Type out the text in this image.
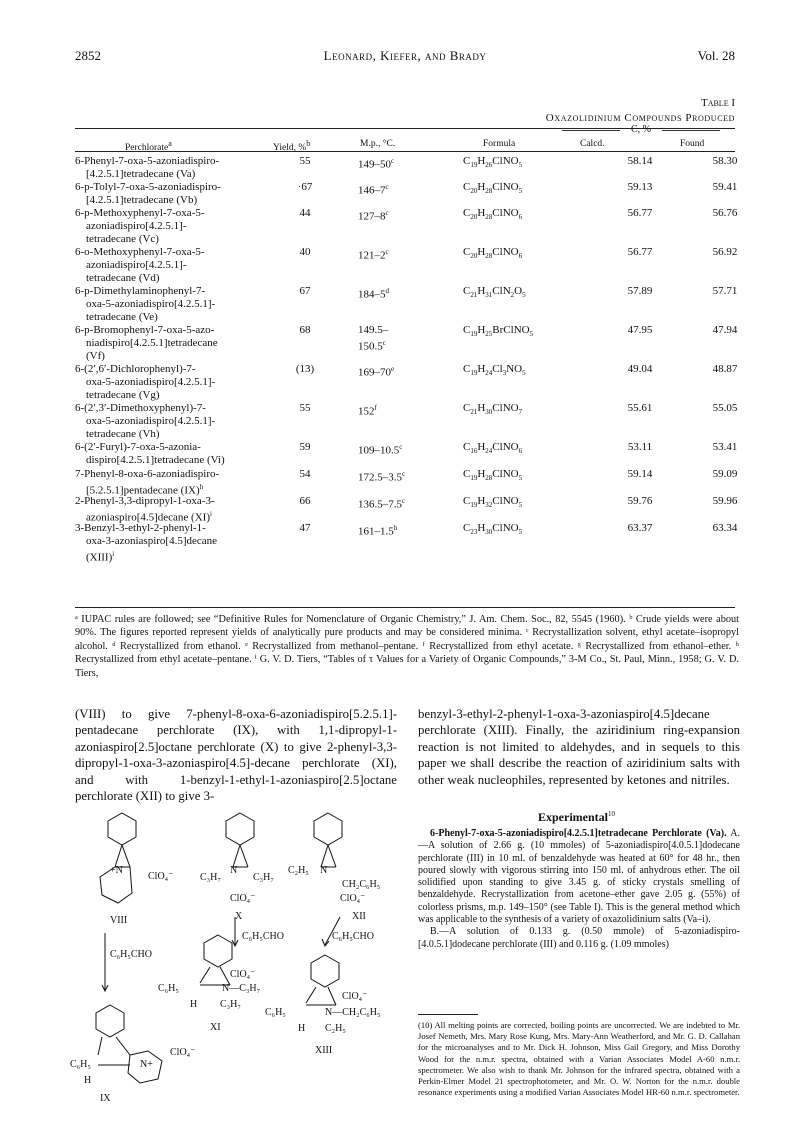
2852	Leonard, Kiefer, and Brady	Vol. 28
Table I
Oxazolidinium Compounds Produced
C, %
Perchlorate$^a$	Yield, %$^b$	M.p., °C.	Formula	Calcd.	Found
6-Phenyl-7-oxa-5-azoniadispiro-
[4.2.5.1]tetradecane (Va)
55	149–50$^c$	$C_{19}H_{26}ClNO_5$	58.14	58.30
6-p-Tolyl-7-oxa-5-azoniadispiro-
[4.2.5.1]tetradecane (Vb)
·67	146–7$^c$	$C_{20}H_{28}ClNO_5$	59.13	59.41
6-p-Methoxyphenyl-7-oxa-5-
azoniadispiro[4.2.5.1]-
tetradecane (Vc)
44	127–8$^c$	$C_{20}H_{28}ClNO_6$	56.77	56.76
6-o-Methoxyphenyl-7-oxa-5-
azoniadispiro[4.2.5.1]-
tetradecane (Vd)
40	121–2$^c$	$C_{20}H_{28}ClNO_6$	56.77	56.92
6-p-Dimethylaminophenyl-7-
oxa-5-azoniadispiro[4.2.5.1]-
tetradecane (Ve)
67	184–5$^d$	$C_{21}H_{31}ClN_2O_5$	57.89	57.71
6-p-Bromophenyl-7-oxa-5-azo-
niadispiro[4.2.5.1]tetradecane
(Vf)
68	149.5–
150.5$^c$
$C_{19}H_{25}BrClNO_5$	47.95	47.94
6-(2′,6′-Dichlorophenyl)-7-
oxa-5-azoniadispiro[4.2.5.1]-
tetradecane (Vg)
(13)	169–70e	$C_{19}H_{24}Cl_3NO_5$	49.04	48.87
6-(2′,3′-Dimethoxyphenyl)-7-
oxa-5-azoniadispiro[4.2.5.1]-
tetradecane (Vh)
55	152$^f$	$C_{21}H_{30}ClNO_7$	55.61	55.05
6-(2′-Furyl)-7-oxa-5-azonia-
dispiro[4.2.5.1]tetradecane (Vi)
59	109–10.5$^c$	$C_{16}H_{24}ClNO_6$	53.11	53.41
7-Phenyl-8-oxa-6-azoniadispiro-
[5.2.5.1]pentadecane (IX)$^h$
54	172.5–3.5$^c$	$C_{19}H_{28}ClNO_5$	59.14	59.09
2-Phenyl-3,3-dipropyl-1-oxa-3-
azoniaspiro[4.5]decane (XI)$^i$
66	136.5–7.5$^c$	$C_{19}H_{32}ClNO_5$	59.76	59.96
3-Benzyl-3-ethyl-2-phenyl-1-
oxa-3-azoniaspiro[4.5]decane
(XIII)$^i$
47	161–1.5$^h$	$C_{23}H_{30}ClNO_5$	63.37	63.34
ᵃ IUPAC rules are followed; see “Definitive Rules for Nomenclature of Organic Chemistry,” J. Am. Chem. Soc., 82, 5545 (1960). ᵇ Crude yields were about 90%. The figures reported represent yields of analytically pure products and may be considered minima. ᶜ Recrystallization solvent, ethyl acetate–isopropyl alcohol. ᵈ Recrystallized from ethanol. ᵉ Recrystallized from methanol–pentane. ᶠ Recrystallized from ethyl acetate. ᵍ Recrystallized from ethanol–ether. ʰ Recrystallized from ethyl acetate–pentane. ⁱ G. V. D. Tiers, “Tables of τ Values for a Variety of Organic Compounds,” 3-M Co., St. Paul, Minn., 1958; G. V. D. Tiers,
(VIII) to give 7-phenyl-8-oxa-6-azoniadispiro[5.2.5.1]-pentadecane perchlorate (IX), with 1,1-dipropyl-1-azoniaspiro[2.5]octane perchlorate (X) to give 2-phenyl-3,3-dipropyl-1-oxa-3-azoniaspiro[4.5]-decane perchlorate (XI), and with 1-benzyl-1-ethyl-1-azoniaspiro[2.5]octane perchlorate (XII) to give 3-
benzyl-3-ethyl-2-phenyl-1-oxa-3-azoniaspiro[4.5]decane perchlorate (XIII). Finally, the aziridinium ring-expansion reaction is not limited to aldehydes, and in sequels to this paper we shall describe the reaction of aziridinium salts with other weak nucleophiles, represented by ketones and nitriles.
+N
ClO₄⁻
VIII
C₃H₇	C₃H₇
N
ClO₄⁻
X
C₂H₅ N
CH₂C₆H₅
ClO₄⁻
XII
C₆H₅CHO
C₆H₅CHO	C₆H₅CHO
C₆H₅	N—C₃H₇
ClO₄⁻
H C₃H₇
XI
C₆H₅	N—CH₂C₆H₅
ClO₄⁻
H C₂H₅
XIII
C₆H₅	N+
ClO₄⁻
H
IX
Experimental$^{10}$
6-Phenyl-7-oxa-5-azoniadispiro[4.2.5.1]tetradecane Perchlorate (Va). A.—A solution of 2.66 g. (10 mmoles) of 5-azoniadispiro[4.0.5.1]dodecane perchlorate (III) in 10 ml. of benzaldehyde was heated at 60° for 48 hr., then poured slowly with vigorous stirring into 150 ml. of anhydrous ether. The oil solidified upon standing to give 3.45 g. of sticky crystals smelling of benzaldehyde. Recrystallization from acetone–ether gave 2.05 g. (55%) of colorless prisms, m.p. 149–150° (see Table I). This is the general method which was applicable to the synthesis of a variety of oxazolidinium salts (Va–i).
B.—A solution of 0.133 g. (0.50 mmole) of 5-azoniadispiro-[4.0.5.1]dodecane perchlorate (III) and 0.116 g. (1.09 mmoles)
(10) All melting points are corrected, boiling points are uncorrected. We are indebted to Mr. Josef Nemeth, Mrs. Mary Rose Kung, Mrs. Mary-Ann Weatherford, and Mr. G. D. Callahan for the microanalyses and to Mr. Dick H. Johnson, Miss Gail Gregory, and Miss Dorothy Wood for the n.m.r. spectra, obtained with a Varian Associates Model A-60 n.m.r. spectrometer. We also wish to thank Mr. Johnson for the infrared spectra, obtained with a Perkin-Elmer Model 21 spectrophotometer, and Mr. O. W. Norton for the n.m.r. double resonance experiments using a modified Varian Associates Model HR-60 n.m.r. spectrometer.
